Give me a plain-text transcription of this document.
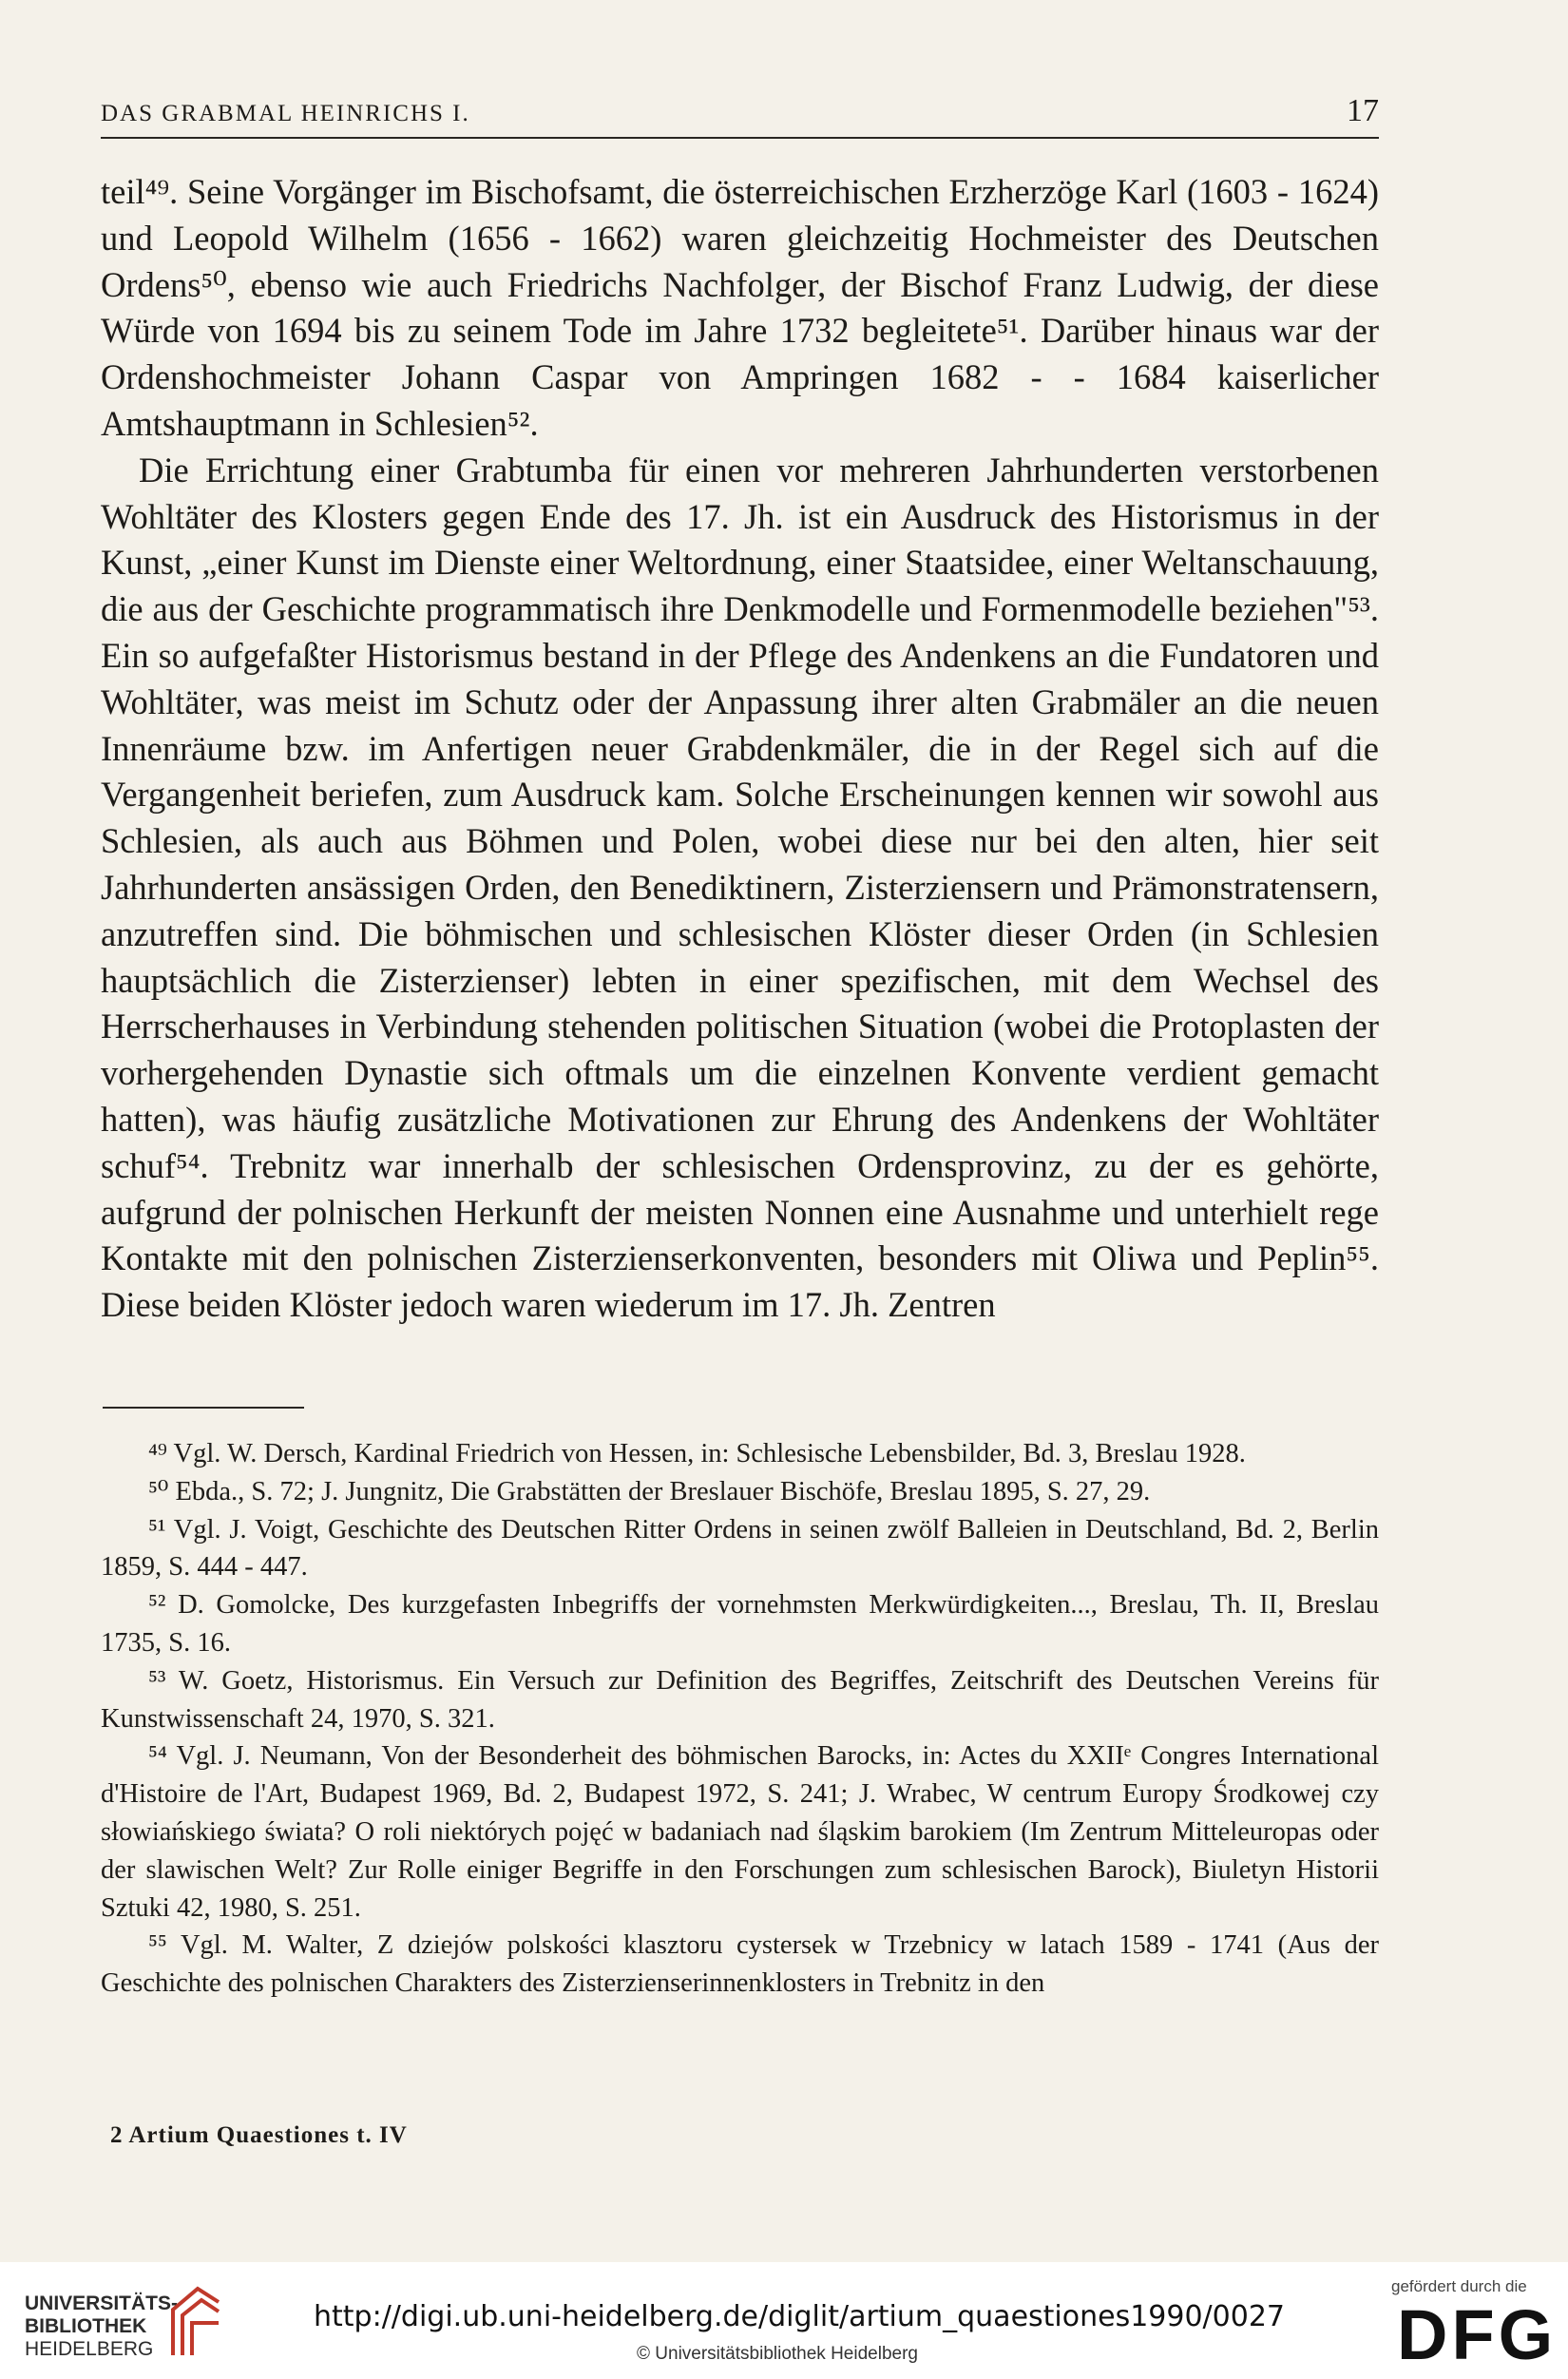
DAS GRABMAL HEINRICHS I.	17

teil⁴⁹. Seine Vorgänger im Bischofsamt, die österreichischen Erzherzöge Karl (1603 - 1624) und Leopold Wilhelm (1656 - 1662) waren gleichzeitig Hochmeister des Deutschen Ordens⁵⁰, ebenso wie auch Friedrichs Nachfolger, der Bischof Franz Ludwig, der diese Würde von 1694 bis zu seinem Tode im Jahre 1732 begleitete⁵¹. Darüber hinaus war der Ordenshochmeister Johann Caspar von Ampringen 1682 - - 1684 kaiserlicher Amtshauptmann in Schlesien⁵².

Die Errichtung einer Grabtumba für einen vor mehreren Jahrhunderten verstorbenen Wohltäter des Klosters gegen Ende des 17. Jh. ist ein Ausdruck des Historismus in der Kunst, „einer Kunst im Dienste einer Weltordnung, einer Staatsidee, einer Weltanschauung, die aus der Geschichte programmatisch ihre Denkmodelle und Formenmodelle beziehen"⁵³. Ein so aufgefaßter Historismus bestand in der Pflege des Andenkens an die Fundatoren und Wohltäter, was meist im Schutz oder der Anpassung ihrer alten Grabmäler an die neuen Innenräume bzw. im Anfertigen neuer Grabdenkmäler, die in der Regel sich auf die Vergangenheit beriefen, zum Ausdruck kam. Solche Erscheinungen kennen wir sowohl aus Schlesien, als auch aus Böhmen und Polen, wobei diese nur bei den alten, hier seit Jahrhunderten ansässigen Orden, den Benediktinern, Zisterziensern und Prämonstratensern, anzutreffen sind. Die böhmischen und schlesischen Klöster dieser Orden (in Schlesien hauptsächlich die Zisterzienser) lebten in einer spezifischen, mit dem Wechsel des Herrscherhauses in Verbindung stehenden politischen Situation (wobei die Protoplasten der vorhergehenden Dynastie sich oftmals um die einzelnen Konvente verdient gemacht hatten), was häufig zusätzliche Motivationen zur Ehrung des Andenkens der Wohltäter schuf⁵⁴. Trebnitz war innerhalb der schlesischen Ordensprovinz, zu der es gehörte, aufgrund der polnischen Herkunft der meisten Nonnen eine Ausnahme und unterhielt rege Kontakte mit den polnischen Zisterzienserkonventen, besonders mit Oliwa und Peplin⁵⁵. Diese beiden Klöster jedoch waren wiederum im 17. Jh. Zentren

⁴⁹ Vgl. W. Dersch, Kardinal Friedrich von Hessen, in: Schlesische Lebensbilder, Bd. 3, Breslau 1928.

⁵⁰ Ebda., S. 72; J. Jungnitz, Die Grabstätten der Breslauer Bischöfe, Breslau 1895, S. 27, 29.

⁵¹ Vgl. J. Voigt, Geschichte des Deutschen Ritter Ordens in seinen zwölf Balleien in Deutschland, Bd. 2, Berlin 1859, S. 444 - 447.

⁵² D. Gomolcke, Des kurzgefasten Inbegriffs der vornehmsten Merkwürdigkeiten..., Breslau, Th. II, Breslau 1735, S. 16.

⁵³ W. Goetz, Historismus. Ein Versuch zur Definition des Begriffes, Zeitschrift des Deutschen Vereins für Kunstwissenschaft 24, 1970, S. 321.

⁵⁴ Vgl. J. Neumann, Von der Besonderheit des böhmischen Barocks, in: Actes du XXIIᵉ Congres International d'Histoire de l'Art, Budapest 1969, Bd. 2, Budapest 1972, S. 241; J. Wrabec, W centrum Europy Środkowej czy słowiańskiego świata? O roli niektórych pojęć w badaniach nad śląskim barokiem (Im Zentrum Mitteleuropas oder der slawischen Welt? Zur Rolle einiger Begriffe in den Forschungen zum schlesischen Barock), Biuletyn Historii Sztuki 42, 1980, S. 251.

⁵⁵ Vgl. M. Walter, Z dziejów polskości klasztoru cystersek w Trzebnicy w latach 1589 - 1741 (Aus der Geschichte des polnischen Charakters des Zisterzienserinnenklosters in Trebnitz in den

2 Artium Quaestiones t. IV
UNIVERSITÄTS-
BIBLIOTHEK
HEIDELBERG
http://digi.ub.uni-heidelberg.de/diglit/artium_quaestiones1990/0027
© Universitätsbibliothek Heidelberg
gefördert durch die
DFG
